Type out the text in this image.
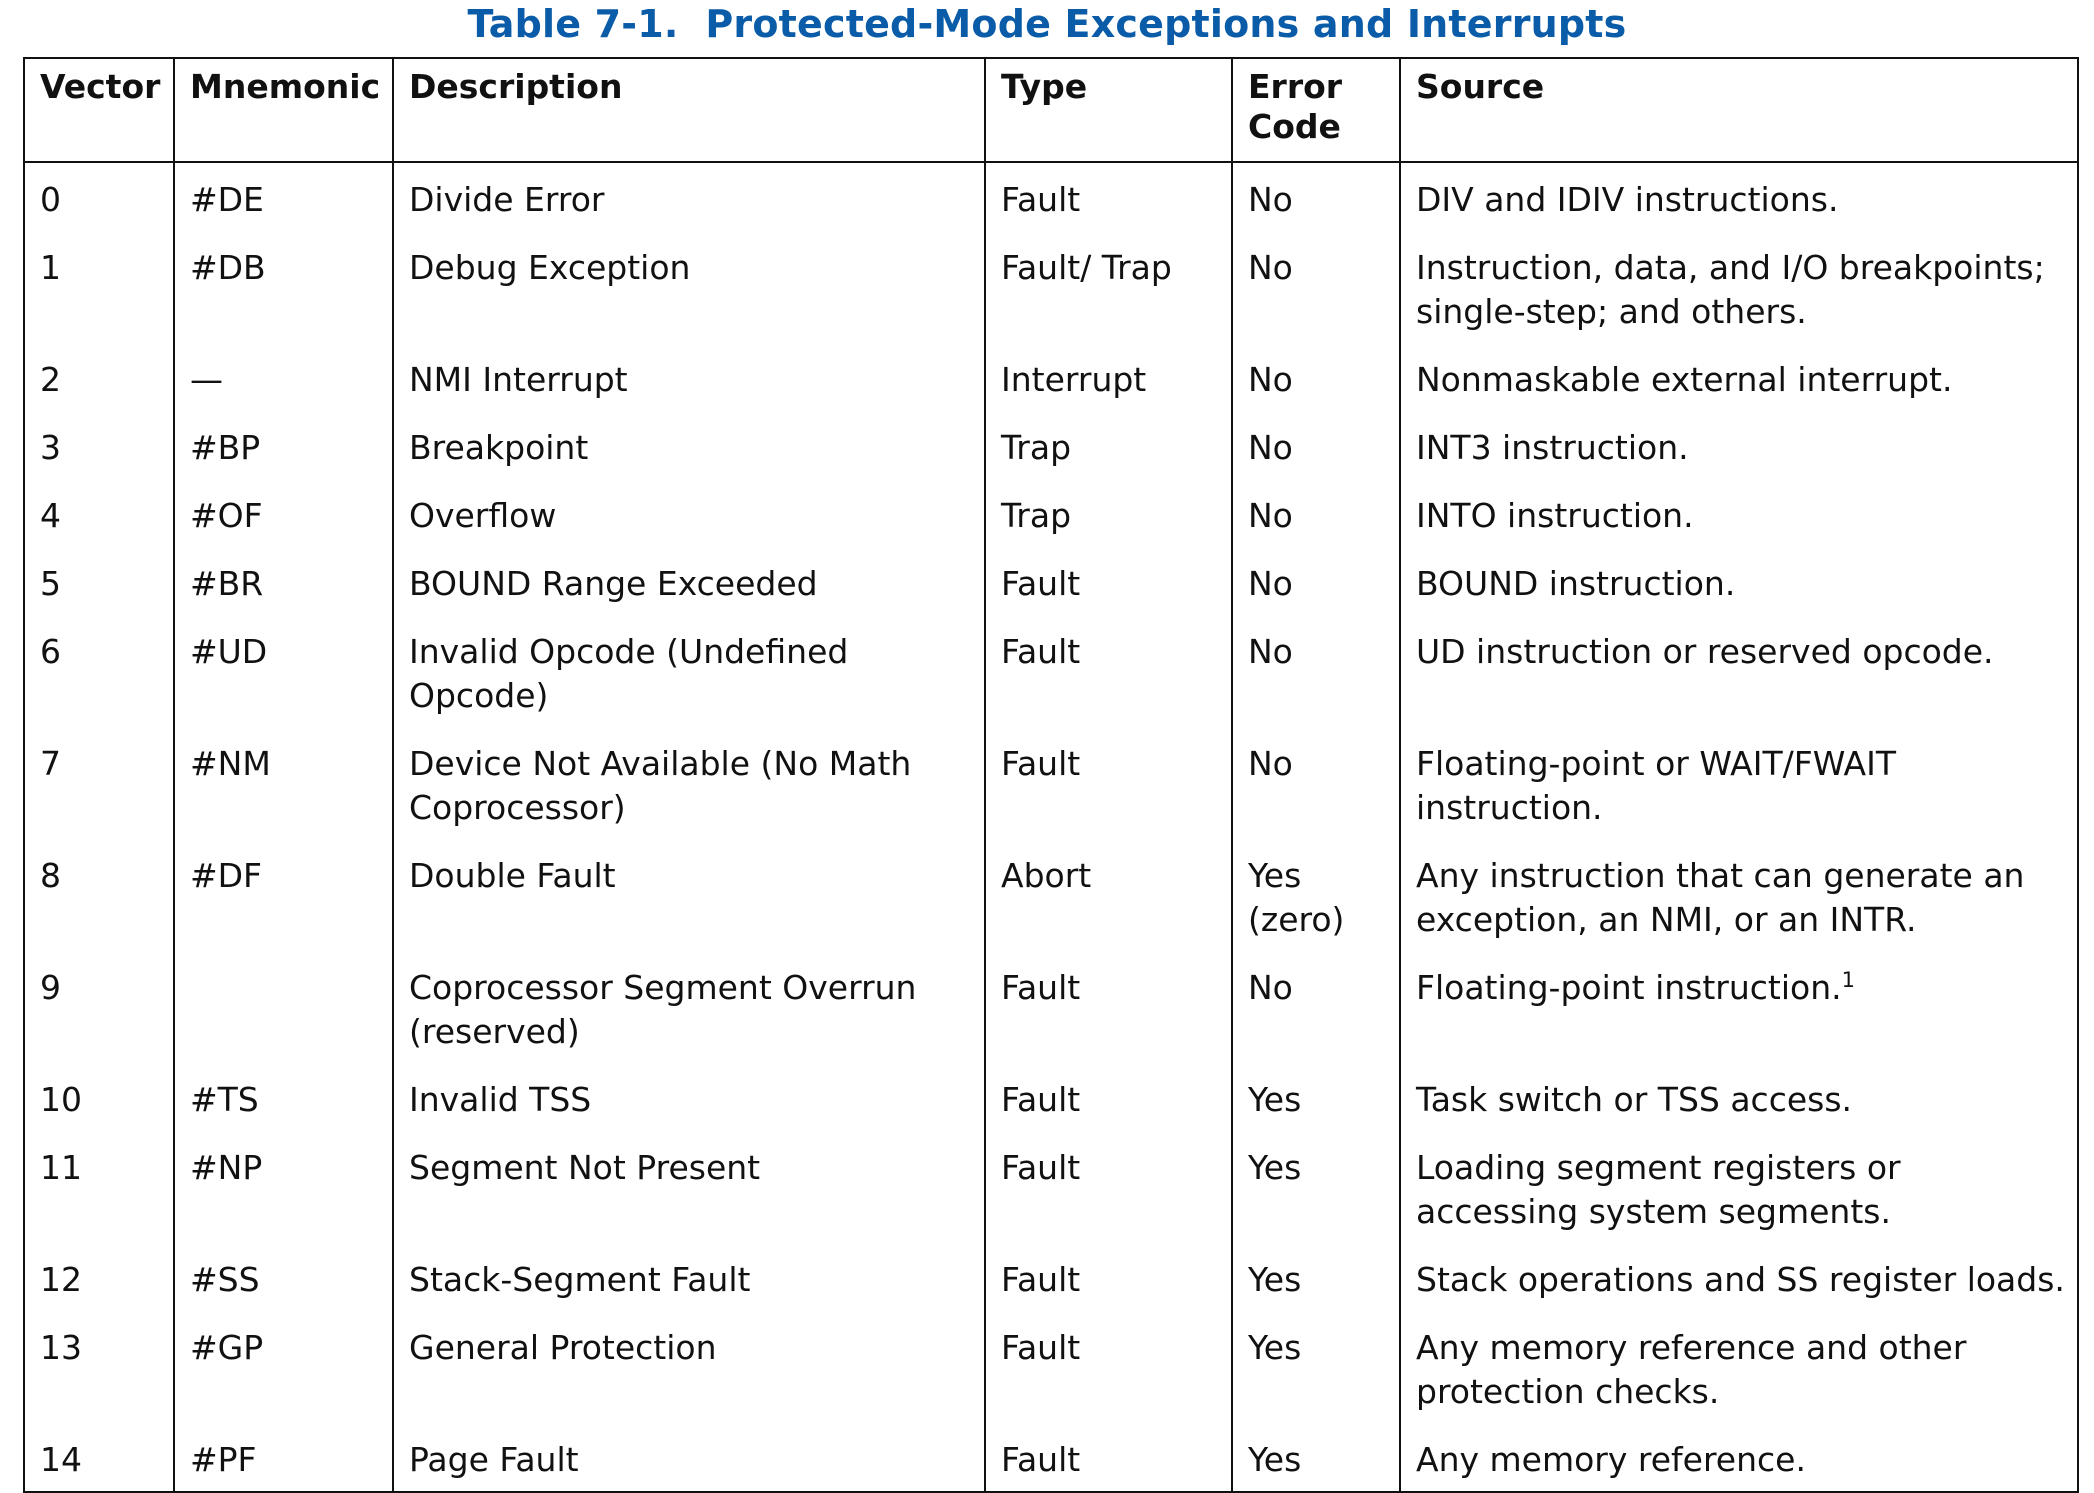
Table 7-1.  Protected-Mode Exceptions and Interrupts
Vector	Mnemonic	Description	Type	Error Code	Source
0	#DE	Divide Error	Fault	No	DIV and IDIV instructions.
1	#DB	Debug Exception	Fault/ Trap	No	Instruction, data, and I/O breakpoints; single-step; and others.
2	—	NMI Interrupt	Interrupt	No	Nonmaskable external interrupt.
3	#BP	Breakpoint	Trap	No	INT3 instruction.
4	#OF	Overflow	Trap	No	INTO instruction.
5	#BR	BOUND Range Exceeded	Fault	No	BOUND instruction.
6	#UD	Invalid Opcode (Undefined Opcode)	Fault	No	UD instruction or reserved opcode.
7	#NM	Device Not Available (No Math Coprocessor)	Fault	No	Floating-point or WAIT/FWAIT instruction.
8	#DF	Double Fault	Abort	Yes (zero)	Any instruction that can generate an exception, an NMI, or an INTR.
9		Coprocessor Segment Overrun (reserved)	Fault	No	Floating-point instruction.$^1$
10	#TS	Invalid TSS	Fault	Yes	Task switch or TSS access.
11	#NP	Segment Not Present	Fault	Yes	Loading segment registers or accessing system segments.
12	#SS	Stack-Segment Fault	Fault	Yes	Stack operations and SS register loads.
13	#GP	General Protection	Fault	Yes	Any memory reference and other protection checks.
14	#PF	Page Fault	Fault	Yes	Any memory reference.
